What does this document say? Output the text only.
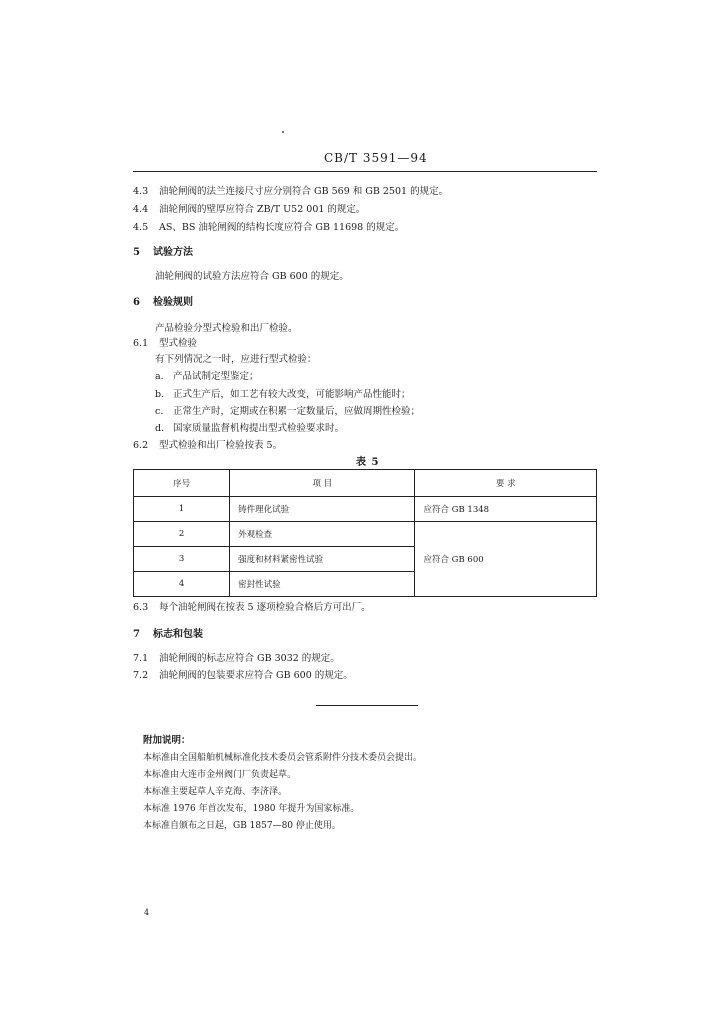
CB/T 3591—94
4.3 油轮闸阀的法兰连接尺寸应分别符合 GB 569 和 GB 2501 的规定。
4.4 油轮闸阀的壁厚应符合 ZB/T U52 001 的规定。
4.5 AS、BS 油轮闸阀的结构长度应符合 GB 11698 的规定。
5 试验方法
油轮闸阀的试验方法应符合 GB 600 的规定。
6 检验规则
产品检验分型式检验和出厂检验。
6.1 型式检验
有下列情况之一时，应进行型式检验：
a. 产品试制定型鉴定；
b. 正式生产后，如工艺有较大改变，可能影响产品性能时；
c. 正常生产时，定期或在积累一定数量后，应做周期性检验；
d. 国家质量监督机构提出型式检验要求时。
6.2 型式检验和出厂检验按表 5。
表 5
序号	项 目	要 求
1	铸件理化试验	应符合 GB 1348
2	外观检查	应符合 GB 600
3	强度和材料紧密性试验	
4	密封性试验	
6.3 每个油轮闸阀在按表 5 逐项检验合格后方可出厂。
7 标志和包装
7.1 油轮闸阀的标志应符合 GB 3032 的规定。
7.2 油轮闸阀的包装要求应符合 GB 600 的规定。
附加说明：
本标准由全国船舶机械标准化技术委员会管系附件分技术委员会提出。
本标准由大连市金州阀门厂负责起草。
本标准主要起草人辛克海、李济泽。
本标准 1976 年首次发布，1980 年提升为国家标准。
本标准自颁布之日起，GB 1857—80 停止使用。
4
